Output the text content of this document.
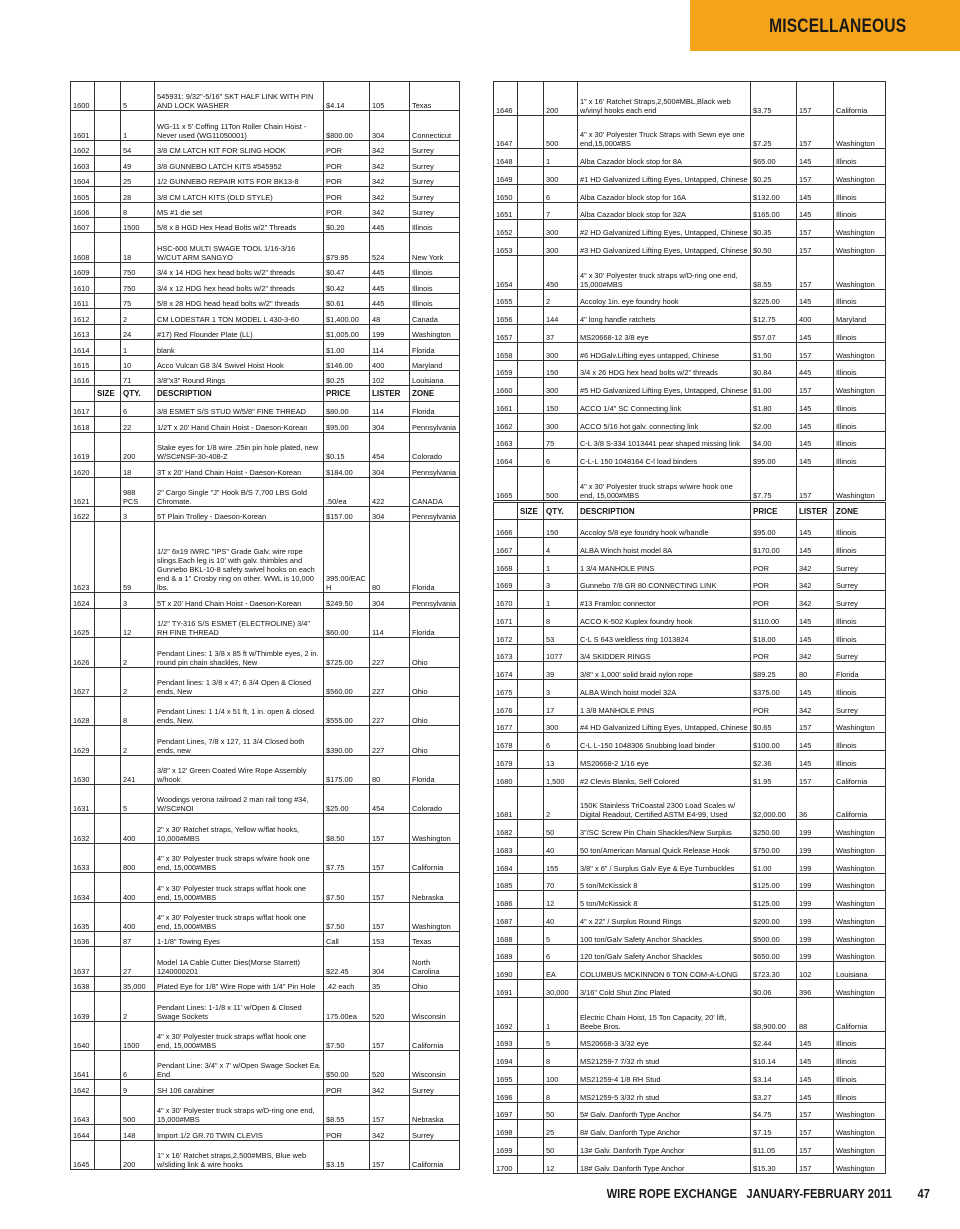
MISCELLANEOUS
1600		5	545931: 9/32"-5/16" SKT HALF LINK WITH PIN AND LOCK WASHER	$4.14	105	Texas
1601		1	WG-11 x 5' Coffing 11Ton Roller Chain Hoist - Never used (WG11050001)	$800.00	304	Connecticut
1602		54	3/8 CM LATCH KIT FOR SLING HOOK	POR	342	Surrey
1603		49	3/8 GUNNEBO LATCH KITS #545952	POR	342	Surrey
1604		25	1/2 GUNNEBO REPAIR KITS FOR BK13-8	POR	342	Surrey
1605		28	3/8 CM LATCH KITS (OLD STYLE)	POR	342	Surrey
1606		8	MS #1 die set	POR	342	Surrey
1607		1500	5/8 x 8 HGD Hex Head Bolts w/2" Threads	$0.20	445	Illinois
1608		18	HSC-600 MULTI SWAGE TOOL 1/16-3/16 W/CUT ARM SANGYO	$79.95	524	New York
1609		750	3/4 x 14 HDG hex head bolts w/2" threads	$0.47	445	Illinois
1610		750	3/4 x 12 HDG hex head bolts w/2" threads	$0.42	445	Illinois
1611		75	5/8 x 28 HDG head head bolts w/2" threads	$0.61	445	Illinois
1612		2	CM LODESTAR 1 TON MODEL L 430-3-60	$1,400.00	48	Canada
1613		24	#17) Red Flounder Plate (LL)	$1,005.00	199	Washington
1614		1	blank	$1.00	114	Florida
1615		10	Acco Vulcan G8 3/4 Swivel Hoist Hook	$146.00	400	Maryland
1616		71	3/8"x3" Round Rings	$0.25	102	Louisiana
	SIZE	QTY.	DESCRIPTION	PRICE	LISTER	ZONE
1617		6	3/8 ESMET S/S STUD W/5/8" FINE THREAD	$80.00	114	Florida
1618		22	1/2T x 20' Hand Chain Hoist - Daeson-Korean	$95.00	304	Pennsylvania
1619		200	Stake eyes for 1/8 wire .25in pin hole plated, new W/SC#NSF-30-408-Z	$0.15	454	Colorado
1620		18	3T x 20' Hand Chain Hoist - Daeson-Korean	$184.00	304	Pennsylvania
1621		988 PCS	2" Cargo Single "J" Hook B/S 7,700 LBS Gold Chromate.	.50/ea	422	CANADA
1622		3	5T Plain Trolley - Daeson-Korean	$157.00	304	Pennsylvania
1623		59	1/2" 6x19 IWRC "IPS" Grade Galv. wire rope slings.Each leg is 10' with galv. thimbles and Gunnebo BKL-10-8 safety swivel hooks on each end & a 1" Crosby ring on other. WWL is 10,000 lbs.	395.00/EACH	80	Florida
1624		3	5T x 20' Hand Chain Hoist - Daeson-Korean	$249.50	304	Pennsylvania
1625		12	1/2" TY-316 S/S ESMET (ELECTROLINE) 3/4" RH FINE THREAD	$60.00	114	Florida
1626		2	Pendant Lines: 1 3/8 x 85 ft w/Thimble eyes, 2 in. round pin chain shackles, New	$725.00	227	Ohio
1627		2	Pendant lines: 1 3/8 x 47; 6 3/4 Open & Closed ends, New	$560.00	227	Ohio
1628		8	Pendant Lines: 1 1/4 x 51 ft, 1 in. open & closed ends, New.	$555.00	227	Ohio
1629		2	Pendant Lines, 7/8 x 127, 11 3/4 Closed both ends, new	$390.00	227	Ohio
1630		241	3/8" x 12' Green Coated Wire Rope Assembly w/hook	$175.00	80	Florida
1631		5	Woodings verona railroad 2 man rail tong #34, W/SC#NOI	$25.00	454	Colorado
1632		400	2" x 30' Ratchet straps, Yellow w/flat hooks, 10,000#MBS	$8.50	157	Washington
1633		800	4" x 30' Polyester truck straps w/wire hook one end, 15,000#MBS	$7.75	157	California
1634		400	4" x 30' Polyester truck straps w/flat hook one end, 15,000#MBS	$7.50	157	Nebraska
1635		400	4" x 30' Polyester truck straps w/flat hook one end, 15,000#MBS	$7.50	157	Washington
1636		87	1-1/8" Towing Eyes	Call	153	Texas
1637		27	Model 1A Cable Cutter Dies(Morse Starrett) 1240000201	$22.45	304	North Carolina
1638		35,000	Plated Eye for 1/8" Wire Rope with 1/4" Pin Hole	.42 each	35	Ohio
1639		2	Pendant Lines: 1-1/8 x 11' w/Open & Closed Swage Sockets	175.00ea	520	Wisconsin
1640		1500	4" x 30' Polyester truck straps w/flat hook one end, 15,000#MBS	$7.50	157	California
1641		6	Pendant Line: 3/4" x 7' w/Open Swage Socket Ea. End	$50.00	520	Wisconsin
1642		9	SH 106 carabiner	POR	342	Surrey
1643		500	4" x 30' Polyester truck straps w/D-ring one end, 15,000#MBS	$8.55	157	Nebraska
1644		148	Import 1/2 GR.70 TWIN CLEVIS	POR	342	Surrey
1645		200	1" x 16' Ratchet straps,2,500#MBS, Blue web w/sliding link & wire hooks	$3.15	157	California
1646		200	1" x 16' Ratchet Straps,2,500#MBL,Black web w/vinyl hooks each end	$3.75	157	California
1647		500	4" x 30' Polyester Truck Straps with Sewn eye one end,15,000#BS	$7.25	157	Washington
1648		1	Alba Cazador block stop for 8A	$65.00	145	Illinois
1649		300	#1 HD Galvanized Lifting Eyes, Untapped, Chinese	$0.25	157	Washington
1650		6	Alba Cazador block stop for 16A	$132.00	145	Illinois
1651		7	Alba Cazador block stop for 32A	$165.00	145	Illinois
1652		300	#2 HD Galvanized Lifting Eyes, Untapped, Chinese	$0.35	157	Washington
1653		300	#3 HD Galvanized Lifting Eyes, Untapped, Chinese	$0.50	157	Washington
1654		450	4" x 30' Polyester truck straps w/D-ring one end, 15,000#MBS	$8.55	157	Washington
1655		2	Accoloy 1in. eye foundry hook	$225.00	145	Illinois
1656		144	4" long handle ratchets	$12.75	400	Maryland
1657		37	MS20668-12 3/8 eye	$57.07	145	Illinois
1658		300	#6 HDGalv.Lifting eyes untapped, Chinese	$1.50	157	Washington
1659		150	3/4 x 26 HDG hex head bolts w/2" threads	$0.84	445	Illinois
1660		300	#5 HD Galvanized Lifting Eyes, Untapped, Chinese	$1.00	157	Washington
1661		150	ACCO 1/4" SC Connecting link	$1.80	145	Illinois
1662		300	ACCO 5/16 hot galv. connecting link	$2.00	145	Illinois
1663		75	C-L 3/8 S-334 1013441 pear shaped missing link	$4.00	145	Illinois
1664		6	C-L-L 150 1048164 C-l load binders	$95.00	145	Illinois
1665		500	4" x 30' Polyester truck straps w/wire hook one end, 15,000#MBS	$7.75	157	Washington

	SIZE	QTY.	DESCRIPTION	PRICE	LISTER	ZONE
1666		150	Accoloy 5/8 eye foundry hook w/handle	$95.00	145	Illinois
1667		4	ALBA Winch hoist model 8A	$170.00	145	Illinois
1668		1	1 3/4 MANHOLE PINS	POR	342	Surrey
1669		3	Gunnebo 7/8 GR 80 CONNECTING LINK	POR	342	Surrey
1670		1	#13 Framloc connector	POR	342	Surrey
1671		8	ACCO K-502 Kuplex foundry hook	$110.00	145	Illinois
1672		53	C-L S 643 weldless ring 1013824	$18.00	145	Illinois
1673		1077	3/4 SKIDDER RINGS	POR	342	Surrey
1674		39	3/8" x 1,000' solid braid nylon rope	$89.25	80	Florida
1675		3	ALBA Winch hoist model 32A	$375.00	145	Illinois
1676		17	1 3/8 MANHOLE PINS	POR	342	Surrey
1677		300	#4 HD Galvanized Lifting Eyes, Untapped, Chinese	$0.65	157	Washington
1678		6	C-L L-150 1048306 Snubbing load binder	$100.00	145	Illinois
1679		13	MS20668-2 1/16 eye	$2.36	145	Illinois
1680		1,500	#2 Clevis Blanks, Self Colored	$1.95	157	California
1681		2	150K Stainless TriCoastal 2300 Load Scales w/ Digital Readout, Certified ASTM E4-99, Used	$2,000.00	36	California
1682		50	3"/SC Screw Pin Chain Shackles/New Surplus	$250.00	199	Washington
1683		40	50 ton/American Manual Quick Release Hook	$750.00	199	Washington
1684		155	3/8" x 6" / Surplus Galv Eye & Eye Turnbuckles	$1.00	199	Washington
1685		70	5 ton/McKissick 8	$125.00	199	Washington
1686		12	5 ton/McKissick 8	$125.00	199	Washington
1687		40	4" x 22" / Surplus Round Rings	$200.00	199	Washington
1688		5	100 ton/Galv Safety Anchor Shackles	$500.00	199	Washington
1689		6	120 ton/Galv Safety Anchor Shackles	$650.00	199	Washington
1690		EA	COLUMBUS MCKINNON 6 TON COM-A-LONG	$723.30	102	Louisiana
1691		30,000	3/16" Cold Shut Zinc Plated	$0.06	396	Washington
1692		1	Electric Chain Hoist, 15 Ton Capacity, 20' lift, Beebe Bros.	$8,900.00	88	California
1693		5	MS20668-3 3/32 eye	$2.44	145	Illinois
1694		8	MS21259-7 7/32 rh stud	$10.14	145	Illinois
1695		100	MS21259-4 1/8 RH Stud	$3.14	145	Illinois
1696		8	MS21259-5 3/32 rh stud	$3.27	145	Illinois
1697		50	5# Galv. Danforth Type Anchor	$4.75	157	Washington
1698		25	8# Galv. Danforth Type Anchor	$7.15	157	Washington
1699		50	13# Galv. Danforth Type Anchor	$11.05	157	Washington
1700		12	18# Galv. Danforth Type Anchor	$15.30	157	Washington
WIRE ROPE EXCHANGE JANUARY-FEBRUARY 2011 47
